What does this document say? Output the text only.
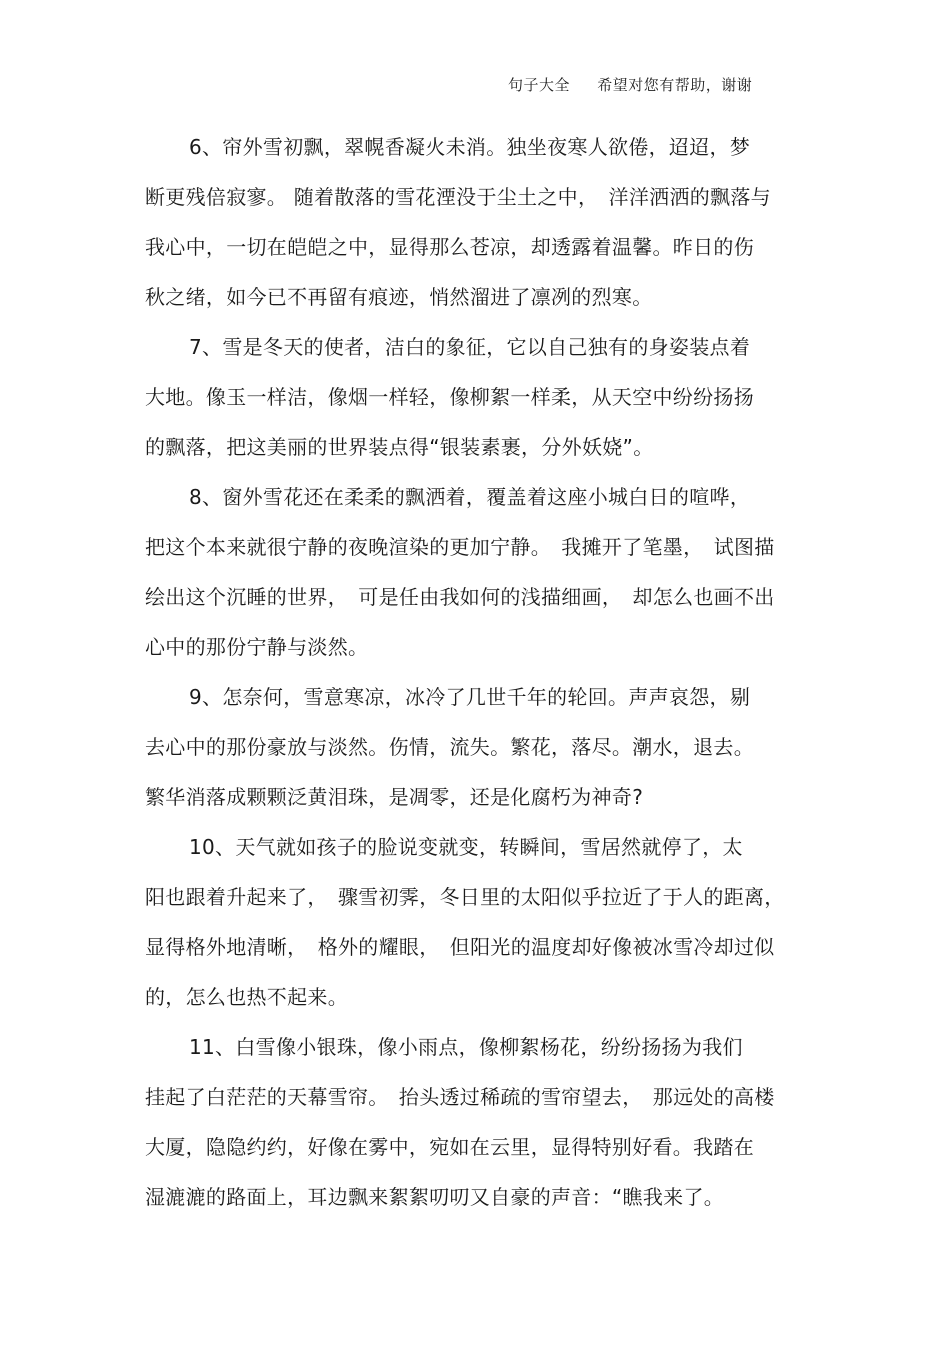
句子大全 希望对您有帮助，谢谢
6、帘外雪初飘，翠幌香凝火未消。独坐夜寒人欲倦，迢迢，梦
断更残倍寂寥。 随着散落的雪花湮没于尘土之中，　洋洋洒洒的飘落与
我心中，一切在皑皑之中，显得那么苍凉，却透露着温馨。昨日的伤
秋之绪，如今已不再留有痕迹，悄然溜进了凛冽的烈寒。
7、雪是冬天的使者，洁白的象征，它以自己独有的身姿装点着
大地。像玉一样洁，像烟一样轻，像柳絮一样柔，从天空中纷纷扬扬
的飘落，把这美丽的世界装点得“银装素裹，分外妖娆”。
8、窗外雪花还在柔柔的飘洒着，覆盖着这座小城白日的喧哗，
把这个本来就很宁静的夜晚渲染的更加宁静。　我摊开了笔墨，　试图描
绘出这个沉睡的世界，　可是任由我如何的浅描细画，　却怎么也画不出
心中的那份宁静与淡然。
9、怎奈何，雪意寒凉，冰冷了几世千年的轮回。声声哀怨，剔
去心中的那份豪放与淡然。伤情，流失。繁花，落尽。潮水，退去。
繁华消落成颗颗泛黄泪珠，是凋零，还是化腐朽为神奇?
10、天气就如孩子的脸说变就变，转瞬间，雪居然就停了，太
阳也跟着升起来了，　骤雪初霁，冬日里的太阳似乎拉近了于人的距离，
显得格外地清晰，　格外的耀眼，　但阳光的温度却好像被冰雪冷却过似
的，怎么也热不起来。
11、白雪像小银珠，像小雨点，像柳絮杨花，纷纷扬扬为我们
挂起了白茫茫的天幕雪帘。　抬头透过稀疏的雪帘望去，　那远处的高楼
大厦，隐隐约约，好像在雾中，宛如在云里，显得特别好看。我踏在
湿漉漉的路面上，耳边飘来絮絮叨叨又自豪的声音：“瞧我来了。
